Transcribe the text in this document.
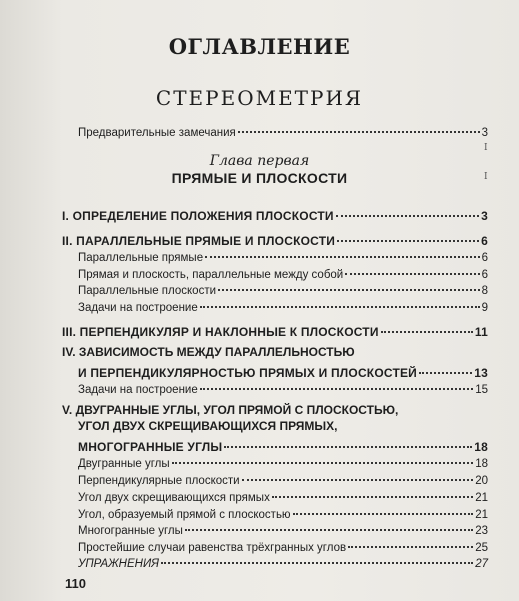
ОГЛАВЛЕНИЕ
СТЕРЕОМЕТРИЯ
Предварительные замечания	3
I
I
Глава первая
ПРЯМЫЕ И ПЛОСКОСТИ
I. ОПРЕДЕЛЕНИЕ ПОЛОЖЕНИЯ ПЛОСКОСТИ	3
II. ПАРАЛЛЕЛЬНЫЕ ПРЯМЫЕ И ПЛОСКОСТИ	6
Параллельные прямые	6
Прямая и плоскость, параллельные между собой	6
Параллельные плоскости	8
Задачи на построение	9
III. ПЕРПЕНДИКУЛЯР И НАКЛОННЫЕ К ПЛОСКОСТИ	11
IV. ЗАВИСИМОСТЬ МЕЖДУ ПАРАЛЛЕЛЬНОСТЬЮ
И ПЕРПЕНДИКУЛЯРНОСТЬЮ ПРЯМЫХ И ПЛОСКОСТЕЙ	13
Задачи на построение	15
V. ДВУГРАННЫЕ УГЛЫ, УГОЛ ПРЯМОЙ С ПЛОСКОСТЬЮ,
УГОЛ ДВУХ СКРЕЩИВАЮЩИХСЯ ПРЯМЫХ,
МНОГОГРАННЫЕ УГЛЫ	18
Двугранные углы	18
Перпендикулярные плоскости	20
Угол двух скрещивающихся прямых	21
Угол, образуемый прямой с плоскостью	21
Многогранные углы	23
Простейшие случаи равенства трёхгранных углов	25
УПРАЖНЕНИЯ	27
110
